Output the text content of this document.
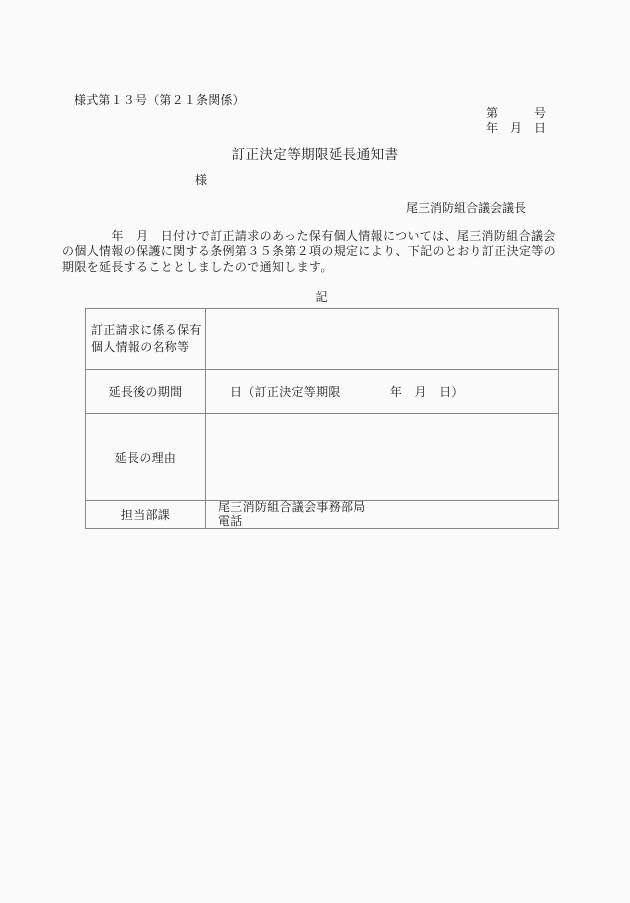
様式第１３号（第２１条関係）
第　　　号
年　月　日
訂正決定等期限延長通知書
様
尾三消防組合議会議長
　　　　年　月　日付けで訂正請求のあった保有個人情報については、尾三消防組合議会
の個人情報の保護に関する条例第３５条第２項の規定により、下記のとおり訂正決定等の
期限を延長することとしましたので通知します。
記
訂正請求に係る保有
個人情報の名称等	

延長後の期間	日（訂正決定等期限　　　　年　月　日）

延長の理由	

担当部課	尾三消防組合議会事務部局
電話
